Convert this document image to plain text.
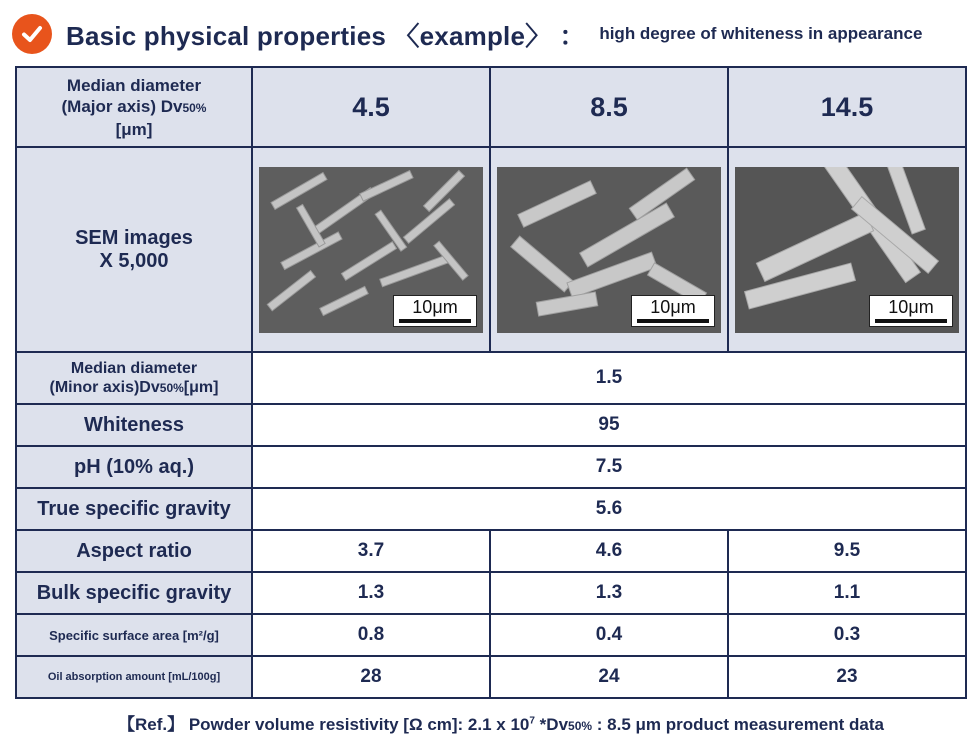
Basic physical properties 〈example〉 ： high degree of whiteness in appearance
Median diameter
(Major axis) Dv50%
[μm]	4.5	8.5	14.5

SEM images
X 5,000	10μm	10μm	10μm

Median diameter
(Minor axis)Dv50%[μm]	1.5		
Whiteness	95		
pH (10% aq.)	7.5		
True specific gravity	5.6		
Aspect ratio	3.7	4.6	9.5
Bulk specific gravity	1.3	1.3	1.1
Specific surface area [m²/g]	0.8	0.4	0.3
Oil absorption amount [mL/100g]	28	24	23
【Ref.】 Powder volume resistivity [Ω cm]: 2.1 x $10^7$ *Dv50% : 8.5 μm product measurement data
